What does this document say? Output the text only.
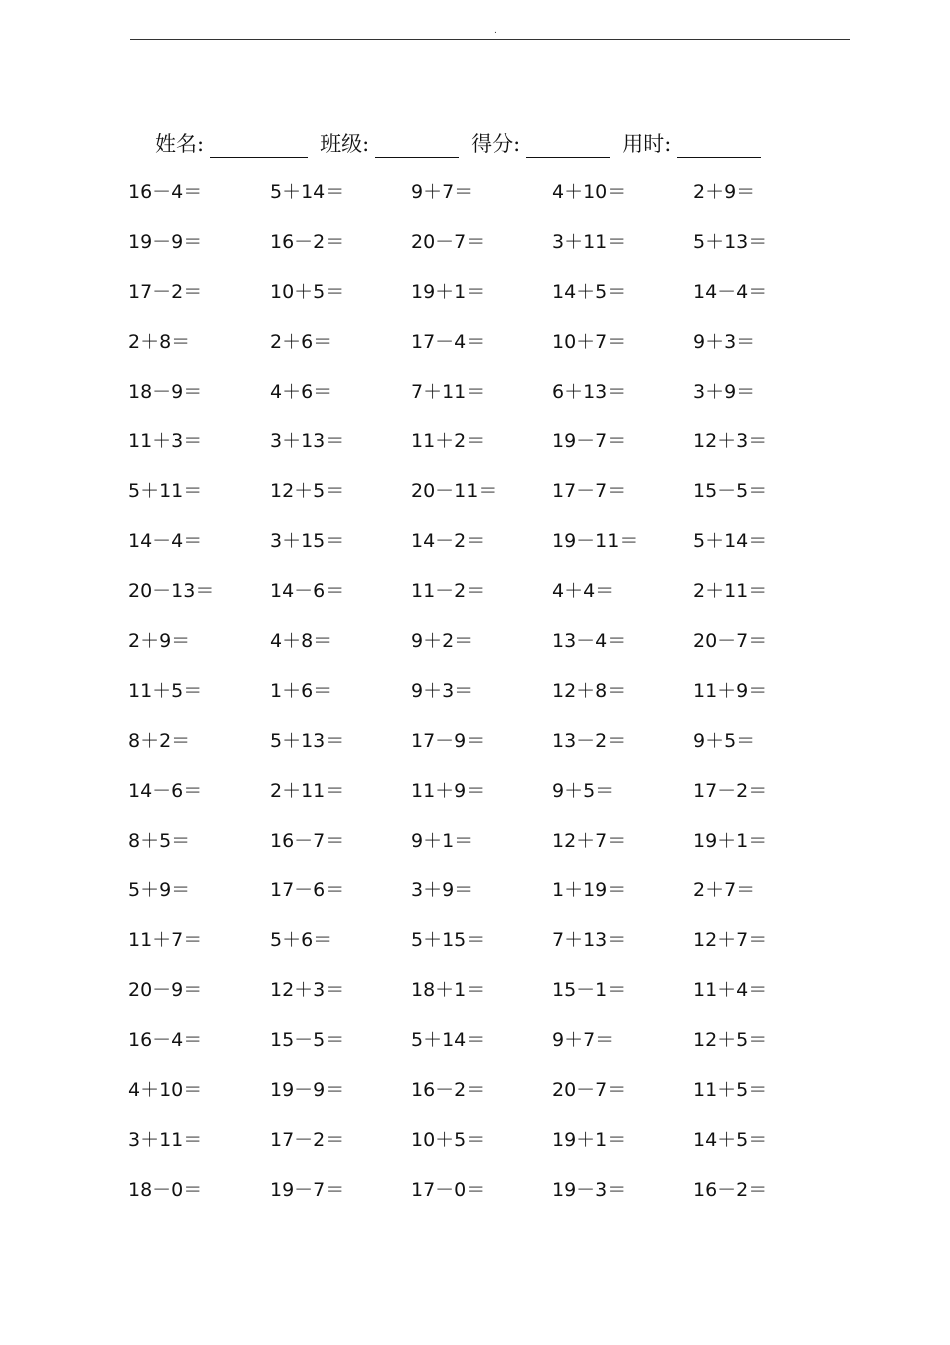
.
姓名:	班级:	得分:	用时:
16－4＝	5＋14＝	9＋7＝	4＋10＝	2＋9＝
19－9＝	16－2＝	20－7＝	3＋11＝	5＋13＝
17－2＝	10＋5＝	19＋1＝	14＋5＝	14－4＝
2＋8＝	2＋6＝	17－4＝	10＋7＝	9＋3＝
18－9＝	4＋6＝	7＋11＝	6＋13＝	3＋9＝
11＋3＝	3＋13＝	11＋2＝	19－7＝	12＋3＝
5＋11＝	12＋5＝	20－11＝	17－7＝	15－5＝
14－4＝	3＋15＝	14－2＝	19－11＝	5＋14＝
20－13＝	14－6＝	11－2＝	4＋4＝	2＋11＝
2＋9＝	4＋8＝	9＋2＝	13－4＝	20－7＝
11＋5＝	1＋6＝	9＋3＝	12＋8＝	11＋9＝
8＋2＝	5＋13＝	17－9＝	13－2＝	9＋5＝
14－6＝	2＋11＝	11＋9＝	9＋5＝	17－2＝
8＋5＝	16－7＝	9＋1＝	12＋7＝	19＋1＝
5＋9＝	17－6＝	3＋9＝	1＋19＝	2＋7＝
11＋7＝	5＋6＝	5＋15＝	7＋13＝	12＋7＝
20－9＝	12＋3＝	18＋1＝	15－1＝	11＋4＝
16－4＝	15－5＝	5＋14＝	9＋7＝	12＋5＝
4＋10＝	19－9＝	16－2＝	20－7＝	11＋5＝
3＋11＝	17－2＝	10＋5＝	19＋1＝	14＋5＝
18－0＝	19－7＝	17－0＝	19－3＝	16－2＝
